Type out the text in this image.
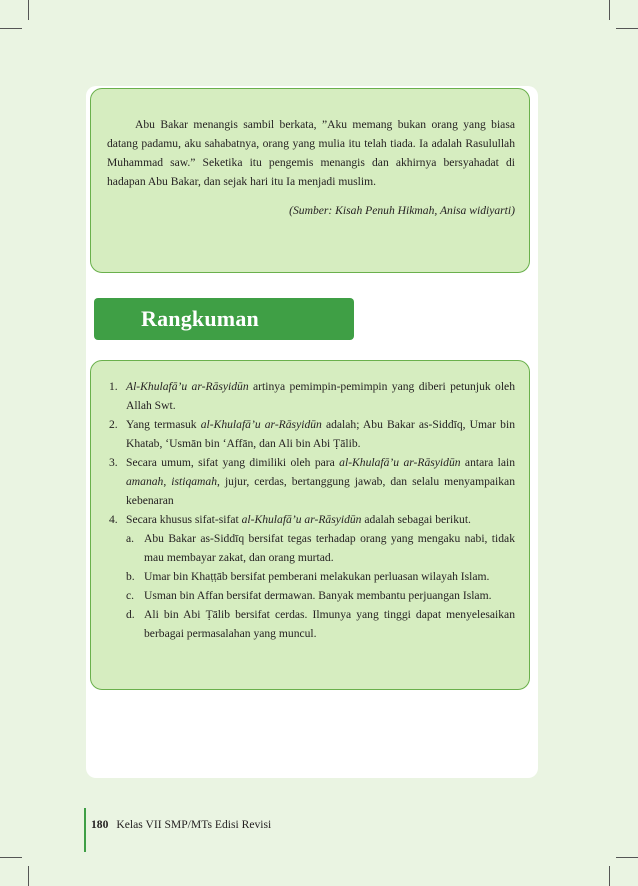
Abu Bakar menangis sambil berkata, ”Aku memang bukan orang yang biasa datang padamu, aku sahabatnya, orang yang mulia itu telah tiada. Ia adalah Rasulullah Muhammad saw.” Seketika itu pengemis menangis dan akhirnya bersyahadat di hadapan Abu Bakar, dan sejak hari itu Ia menjadi muslim.

(Sumber: Kisah Penuh Hikmah, Anisa widiyarti)

Rangkuman
1. Al-Khulafā’u ar-Rāsyidūn artinya pemimpin-pemimpin yang diberi petunjuk oleh Allah Swt.
2. Yang termasuk al-Khulafā’u ar-Rāsyidūn adalah; Abu Bakar as-Siddīq, Umar bin Khatab, ‘Usmān bin ‘Affān, dan Ali bin Abi Ṭālib.
3. Secara umum, sifat yang dimiliki oleh para al-Khulafā’u ar-Rāsyidūn antara lain amanah, istiqamah, jujur, cerdas, bertanggung jawab, dan selalu menyampaikan kebenaran
4. Secara khusus sifat-sifat al-Khulafā’u ar-Rāsyidūn adalah sebagai berikut.
a. Abu Bakar as-Siddīq bersifat tegas terhadap orang yang mengaku nabi, tidak mau membayar zakat, dan orang murtad.
b. Umar bin Khaṭṭāb bersifat pemberani melakukan perluasan wilayah Islam.
c. Usman bin Affan bersifat dermawan. Banyak membantu perjuangan Islam.
d. Ali bin Abi Ṭālib bersifat cerdas. Ilmunya yang tinggi dapat menyelesaikan berbagai permasalahan yang muncul.
180 Kelas VII SMP/MTs Edisi Revisi
